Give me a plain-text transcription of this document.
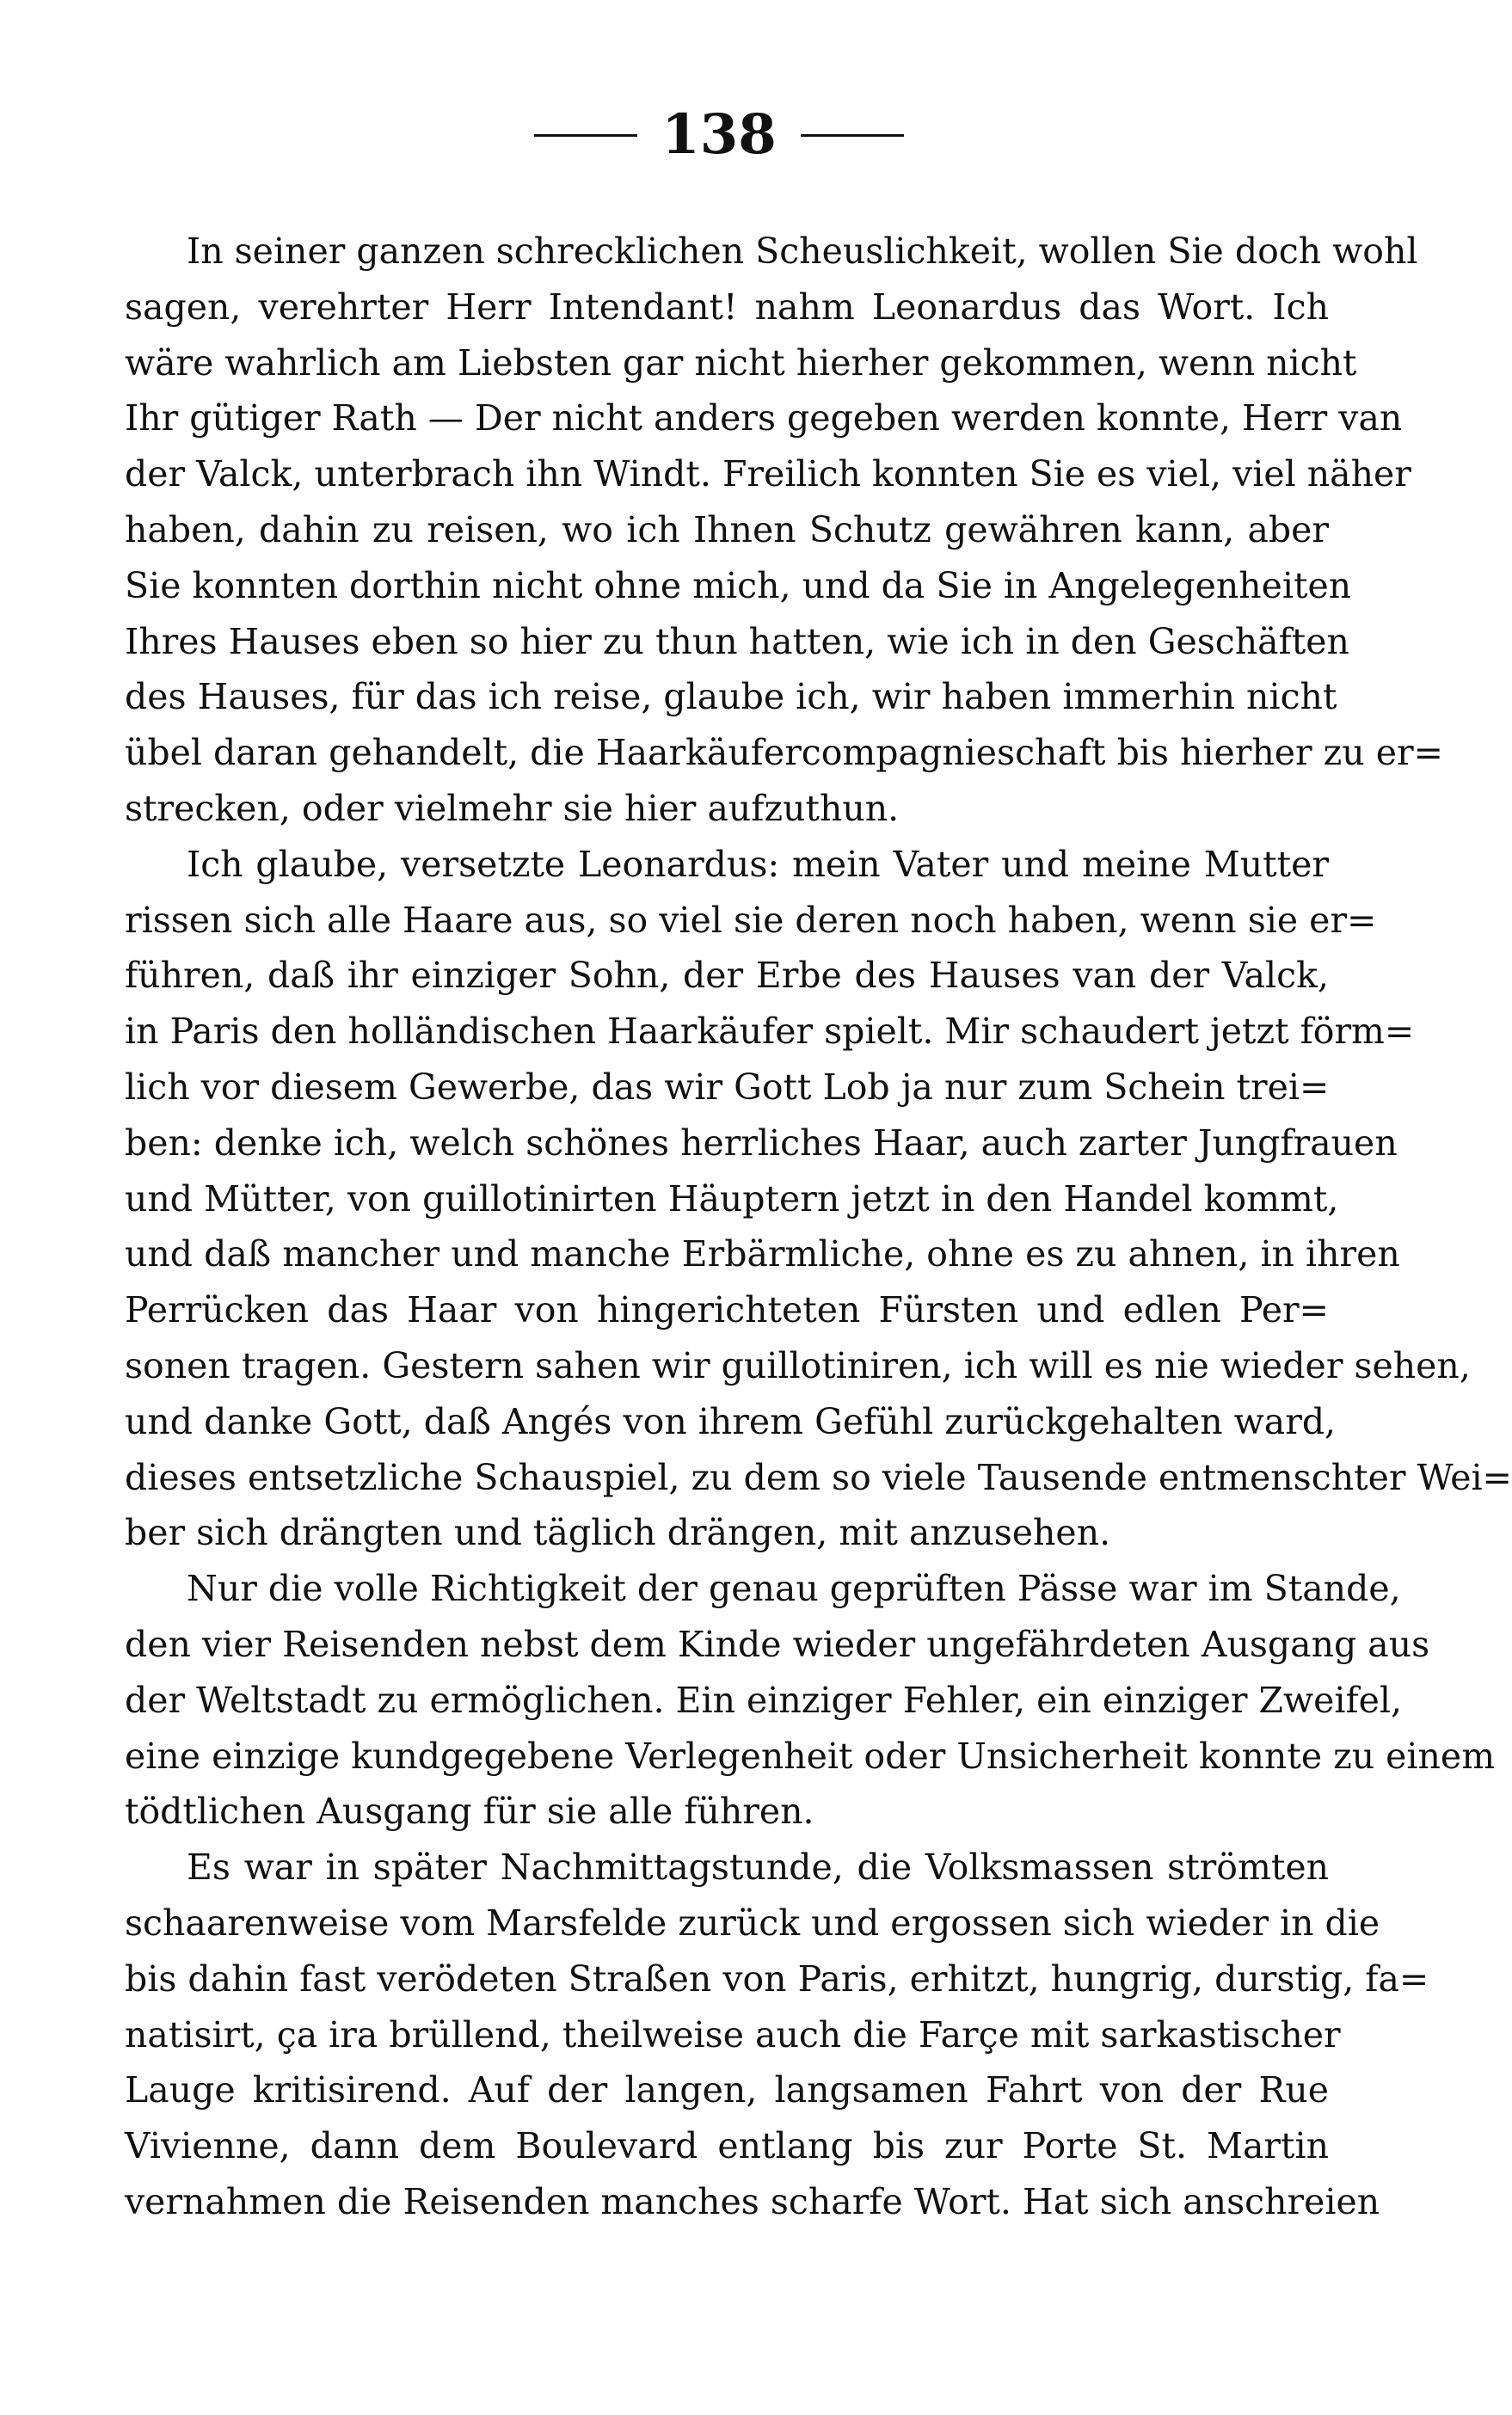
138
In seiner ganzen schrecklichen Scheuslichkeit, wollen Sie doch wohl
sagen, verehrter Herr Intendant! nahm Leonardus das Wort. Ich
wäre wahrlich am Liebsten gar nicht hierher gekommen, wenn nicht
Ihr gütiger Rath — Der nicht anders gegeben werden konnte, Herr van
der Valck, unterbrach ihn Windt. Freilich konnten Sie es viel, viel näher
haben, dahin zu reisen, wo ich Ihnen Schutz gewähren kann, aber
Sie konnten dorthin nicht ohne mich, und da Sie in Angelegenheiten
Ihres Hauses eben so hier zu thun hatten, wie ich in den Geschäften
des Hauses, für das ich reise, glaube ich, wir haben immerhin nicht
übel daran gehandelt, die Haarkäufercompagnieschaft bis hierher zu er=
strecken, oder vielmehr sie hier aufzuthun.
Ich glaube, versetzte Leonardus: mein Vater und meine Mutter
rissen sich alle Haare aus, so viel sie deren noch haben, wenn sie er=
führen, daß ihr einziger Sohn, der Erbe des Hauses van der Valck,
in Paris den holländischen Haarkäufer spielt. Mir schaudert jetzt förm=
lich vor diesem Gewerbe, das wir Gott Lob ja nur zum Schein trei=
ben: denke ich, welch schönes herrliches Haar, auch zarter Jungfrauen
und Mütter, von guillotinirten Häuptern jetzt in den Handel kommt,
und daß mancher und manche Erbärmliche, ohne es zu ahnen, in ihren
Perrücken das Haar von hingerichteten Fürsten und edlen Per=
sonen tragen. Gestern sahen wir guillotiniren, ich will es nie wieder sehen,
und danke Gott, daß Angés von ihrem Gefühl zurückgehalten ward,
dieses entsetzliche Schauspiel, zu dem so viele Tausende entmenschter Wei=
ber sich drängten und täglich drängen, mit anzusehen.
Nur die volle Richtigkeit der genau geprüften Pässe war im Stande,
den vier Reisenden nebst dem Kinde wieder ungefährdeten Ausgang aus
der Weltstadt zu ermöglichen. Ein einziger Fehler, ein einziger Zweifel,
eine einzige kundgegebene Verlegenheit oder Unsicherheit konnte zu einem
tödtlichen Ausgang für sie alle führen.
Es war in später Nachmittagstunde, die Volksmassen strömten
schaarenweise vom Marsfelde zurück und ergossen sich wieder in die
bis dahin fast verödeten Straßen von Paris, erhitzt, hungrig, durstig, fa=
natisirt, ça ira brüllend, theilweise auch die Farçe mit sarkastischer
Lauge kritisirend. Auf der langen, langsamen Fahrt von der Rue
Vivienne, dann dem Boulevard entlang bis zur Porte St. Martin
vernahmen die Reisenden manches scharfe Wort. Hat sich anschreien
